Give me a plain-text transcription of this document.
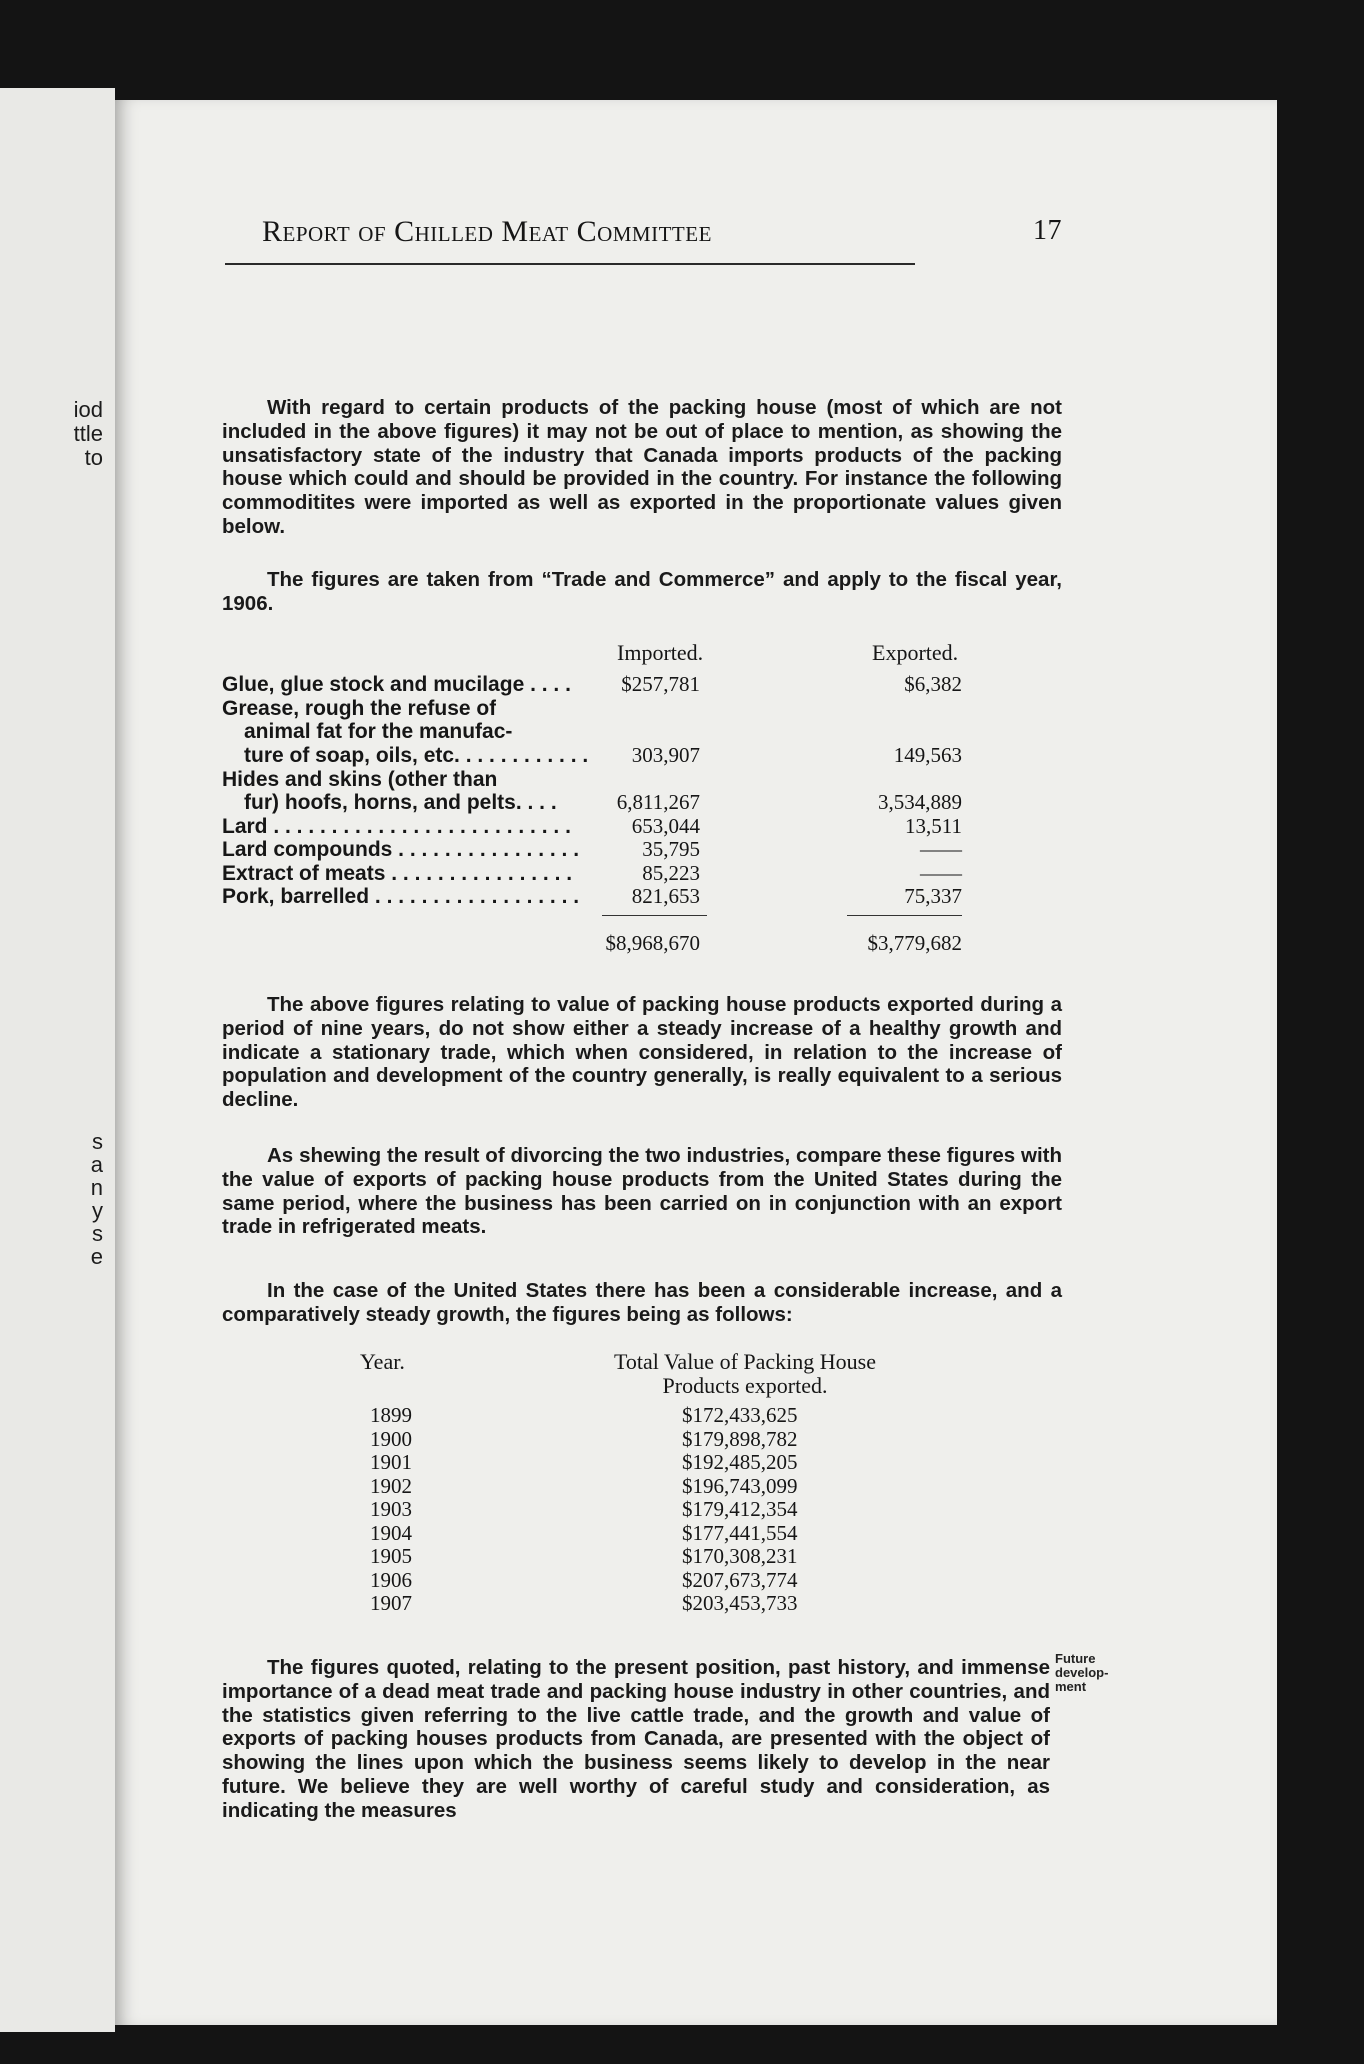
iod
ttle
to
s
a
n
y
s
e
Report of Chilled Meat Committee	17

With regard to certain products of the packing house (most of which are not included in the above figures) it may not be out of place to mention, as showing the unsatisfactory state of the industry that Canada imports products of the packing house which could and should be provided in the country. For instance the following commoditites were imported as well as exported in the proportionate values given below.

The figures are taken from “Trade and Commerce” and apply to the fiscal year, 1906.

Imported.	Exported.
Glue, glue stock and mucilage . . . . $257,781	$6,382
Grease, rough the refuse of
animal fat for the manufac-
ture of soap, oils, etc. . . . . . . . . . . . 303,907	149,563
Hides and skins (other than
fur) hoofs, horns, and pelts. . . .	6,811,267	3,534,889
Lard . . . . . . . . . . . . . . . . . . . . . . . . . .	653,044	13,511
Lard compounds . . . . . . . . . . . . . . . .	35,795	——
Extract of meats . . . . . . . . . . . . . . . .	85,223	——
Pork, barrelled . . . . . . . . . . . . . . . . . .	821,653	75,337
$8,968,670	$3,779,682

The above figures relating to value of packing house products exported during a period of nine years, do not show either a steady increase of a healthy growth and indicate a stationary trade, which when considered, in relation to the increase of population and development of the country generally, is really equivalent to a serious decline.

As shewing the result of divorcing the two industries, compare these figures with the value of exports of packing house products from the United States during the same period, where the business has been carried on in conjunction with an export trade in refrigerated meats.

In the case of the United States there has been a considerable increase, and a comparatively steady growth, the figures being as follows:

Year.	Total Value of Packing House
Products exported.
1899	$172,433,625
1900	$179,898,782
1901	$192,485,205
1902	$196,743,099
1903	$179,412,354
1904	$177,441,554
1905	$170,308,231
1906	$207,673,774
1907	$203,453,733

The figures quoted, relating to the present position, past history, and immense importance of a dead meat trade and packing house industry in other countries, and the statistics given referring to the live cattle trade, and the growth and value of exports of packing houses products from Canada, are presented with the object of showing the lines upon which the business seems likely to develop in the near future. We believe they are well worthy of careful study and consideration, as indicating the measures

Future
develop-
ment
